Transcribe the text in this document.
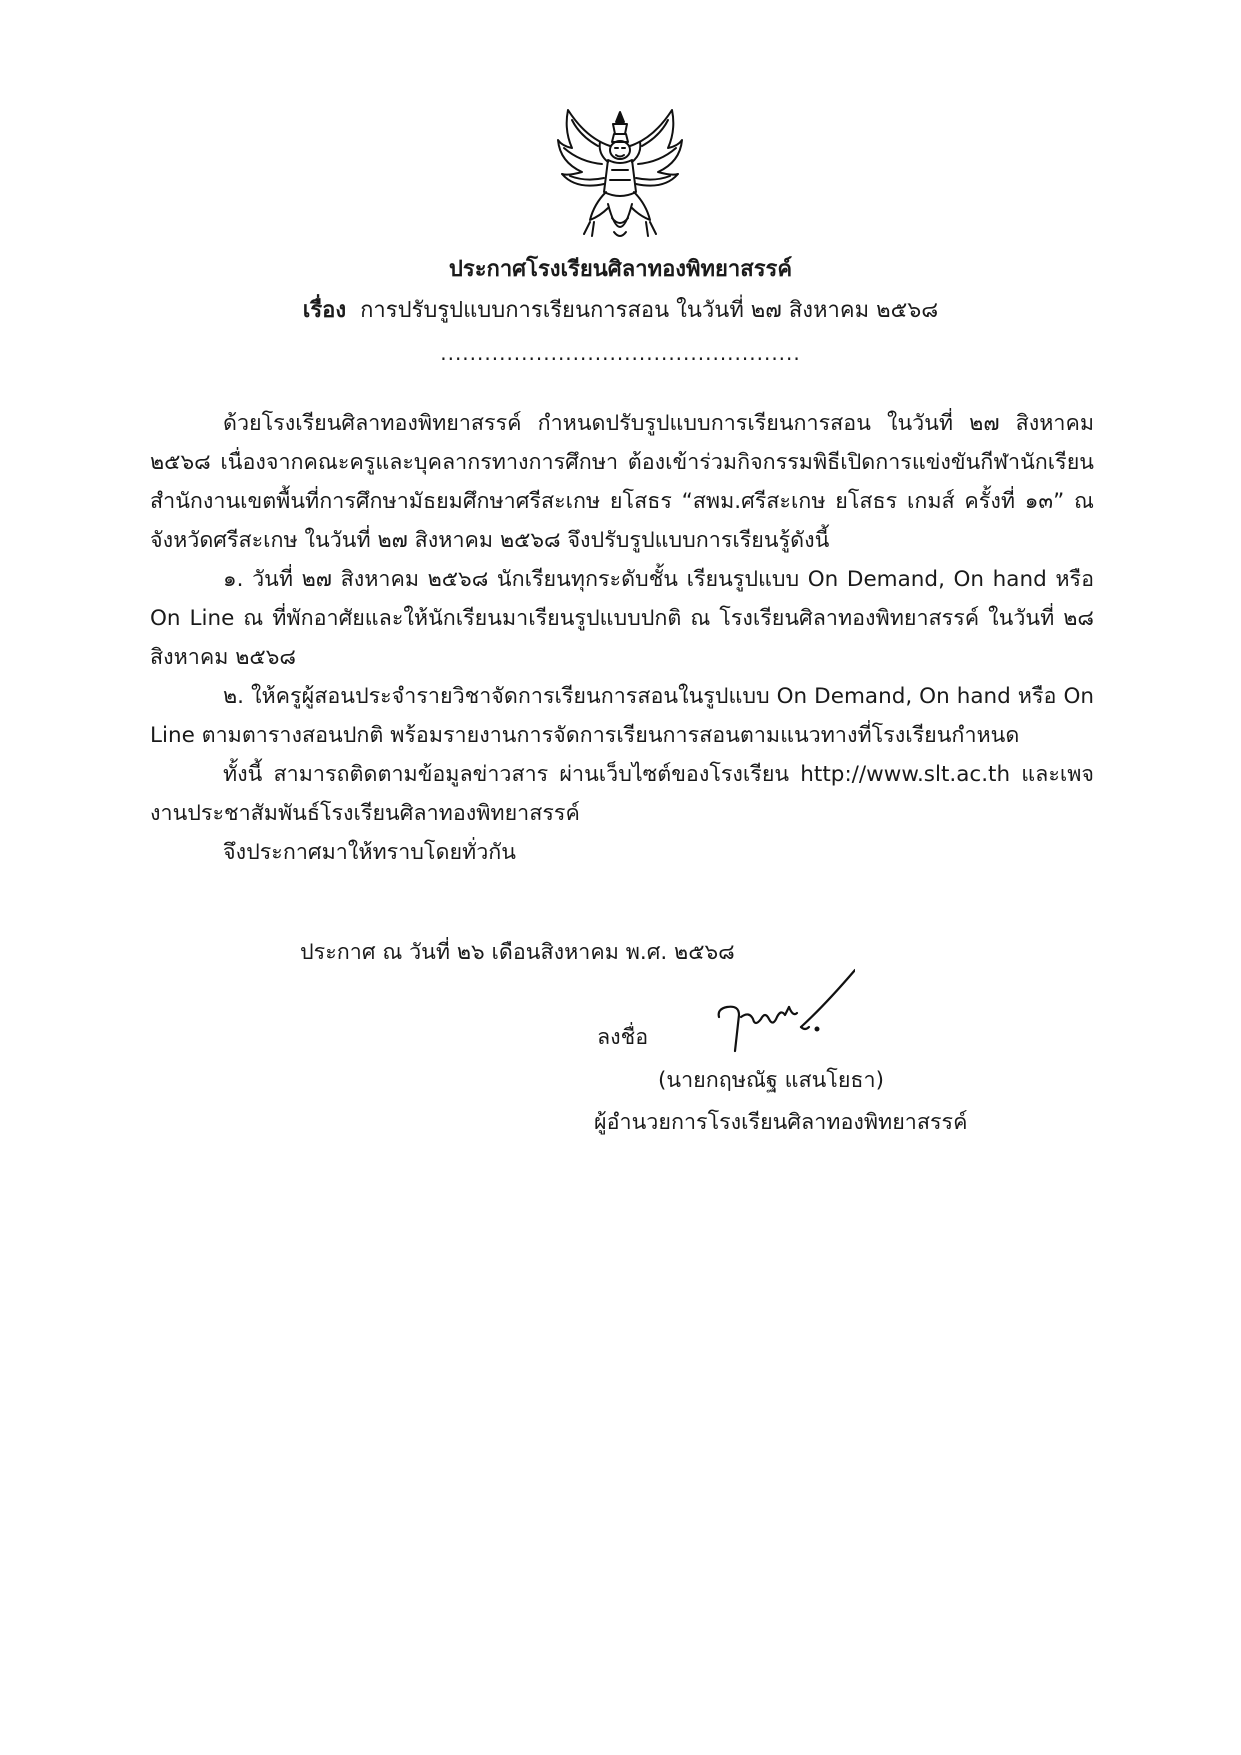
ประกาศโรงเรียนศิลาทองพิทยาสรรค์
เรื่อง การปรับรูปแบบการเรียนการสอน ในวันที่ ๒๗ สิงหาคม ๒๕๖๘
.................................................

ด้วยโรงเรียนศิลาทองพิทยาสรรค์ กำหนดปรับรูปแบบการเรียนการสอน ในวันที่ ๒๗ สิงหาคม ๒๕๖๘ เนื่องจากคณะครูและบุคลากรทางการศึกษา ต้องเข้าร่วมกิจกรรมพิธีเปิดการแข่งขันกีฬานักเรียน สำนักงานเขตพื้นที่การศึกษามัธยมศึกษาศรีสะเกษ ยโสธร “สพม.ศรีสะเกษ ยโสธร เกมส์ ครั้งที่ ๑๓” ณ จังหวัดศรีสะเกษ ในวันที่ ๒๗ สิงหาคม ๒๕๖๘ จึงปรับรูปแบบการเรียนรู้ดังนี้

๑. วันที่ ๒๗ สิงหาคม ๒๕๖๘ นักเรียนทุกระดับชั้น เรียนรูปแบบ On Demand, On hand หรือ On Line ณ ที่พักอาศัยและให้นักเรียนมาเรียนรูปแบบปกติ ณ โรงเรียนศิลาทองพิทยาสรรค์ ในวันที่ ๒๘ สิงหาคม ๒๕๖๘

๒. ให้ครูผู้สอนประจำรายวิชาจัดการเรียนการสอนในรูปแบบ On Demand, On hand หรือ On Line ตามตารางสอนปกติ พร้อมรายงานการจัดการเรียนการสอนตามแนวทางที่โรงเรียนกำหนด

ทั้งนี้ สามารถติดตามข้อมูลข่าวสาร ผ่านเว็บไซต์ของโรงเรียน http://www.slt.ac.th และเพจงานประชาสัมพันธ์โรงเรียนศิลาทองพิทยาสรรค์

จึงประกาศมาให้ทราบโดยทั่วกัน

ประกาศ ณ วันที่ ๒๖ เดือนสิงหาคม พ.ศ. ๒๕๖๘
ลงชื่อ
(นายกฤษณัฐ แสนโยธา)
ผู้อำนวยการโรงเรียนศิลาทองพิทยาสรรค์
